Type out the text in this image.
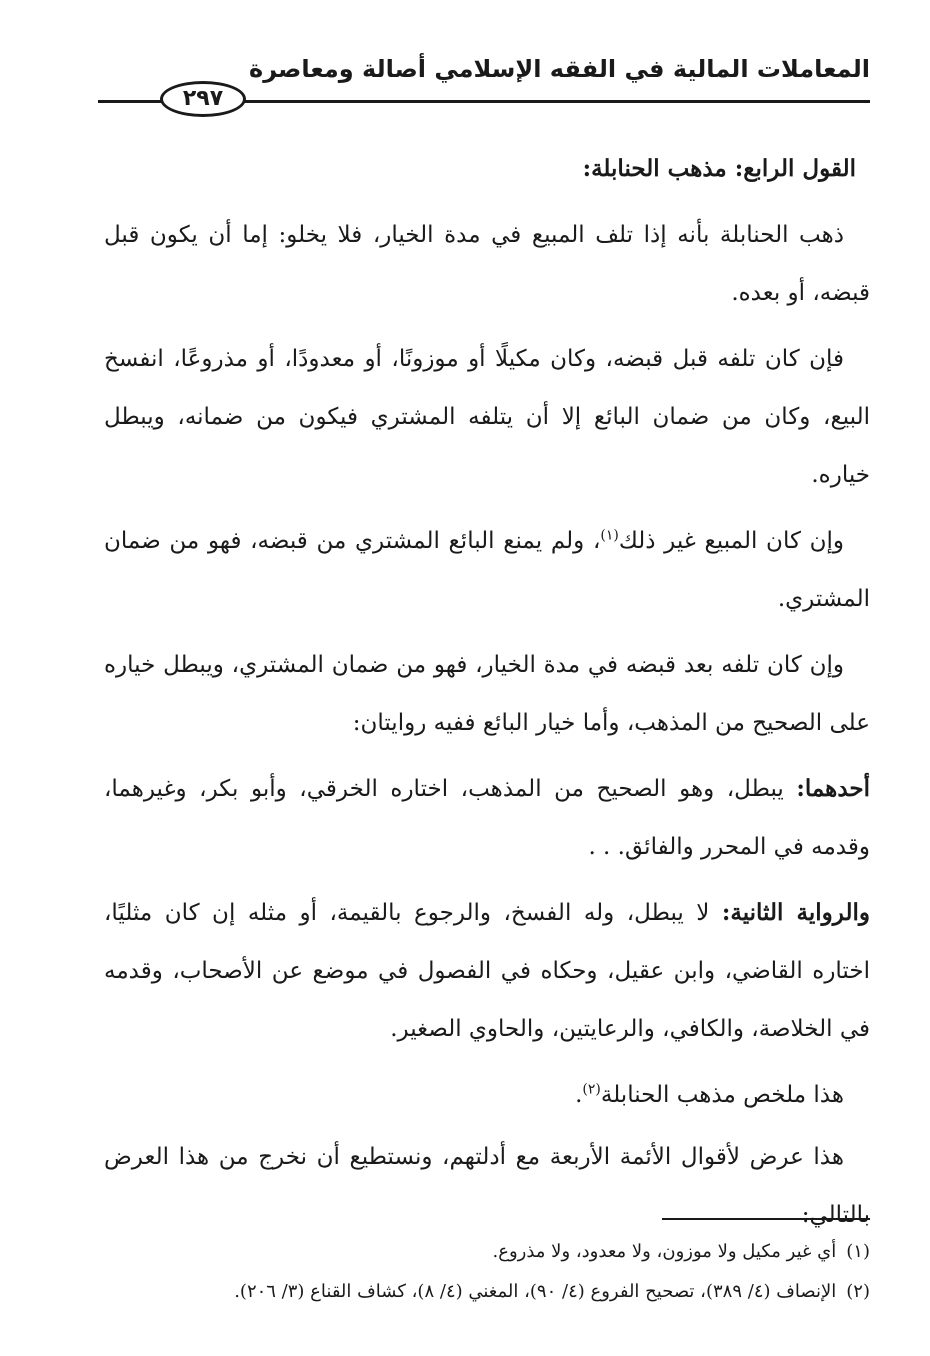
المعاملات المالية في الفقه الإسلامي أصالة ومعاصرة
٢٩٧

القول الرابع: مذهب الحنابلة:

ذهب الحنابلة بأنه إذا تلف المبيع في مدة الخيار، فلا يخلو: إما أن يكون قبل قبضه، أو بعده.

فإن كان تلفه قبل قبضه، وكان مكيلًا أو موزونًا، أو معدودًا، أو مذروعًا، انفسخ البيع، وكان من ضمان البائع إلا أن يتلفه المشتري فيكون من ضمانه، ويبطل خياره.

وإن كان المبيع غير ذلك$^{(١)}$، ولم يمنع البائع المشتري من قبضه، فهو من ضمان المشتري.

وإن كان تلفه بعد قبضه في مدة الخيار، فهو من ضمان المشتري، ويبطل خياره على الصحيح من المذهب، وأما خيار البائع ففيه روايتان:

أحدهما: يبطل، وهو الصحيح من المذهب، اختاره الخرقي، وأبو بكر، وغيرهما، وقدمه في المحرر والفائق. . .

والرواية الثانية: لا يبطل، وله الفسخ، والرجوع بالقيمة، أو مثله إن كان مثليًا، اختاره القاضي، وابن عقيل، وحكاه في الفصول في موضع عن الأصحاب، وقدمه في الخلاصة، والكافي، والرعايتين، والحاوي الصغير.

هذا ملخص مذهب الحنابلة$^{(٢)}$.

هذا عرض لأقوال الأئمة الأربعة مع أدلتهم، ونستطيع أن نخرج من هذا العرض بالتالي:

(١)أي غير مكيل ولا موزون، ولا معدود، ولا مذروع.

(٢)الإنصاف (٤/ ٣٨٩)، تصحيح الفروع (٤/ ٩٠)، المغني (٤/ ٨)، كشاف القناع (٣/ ٢٠٦).
